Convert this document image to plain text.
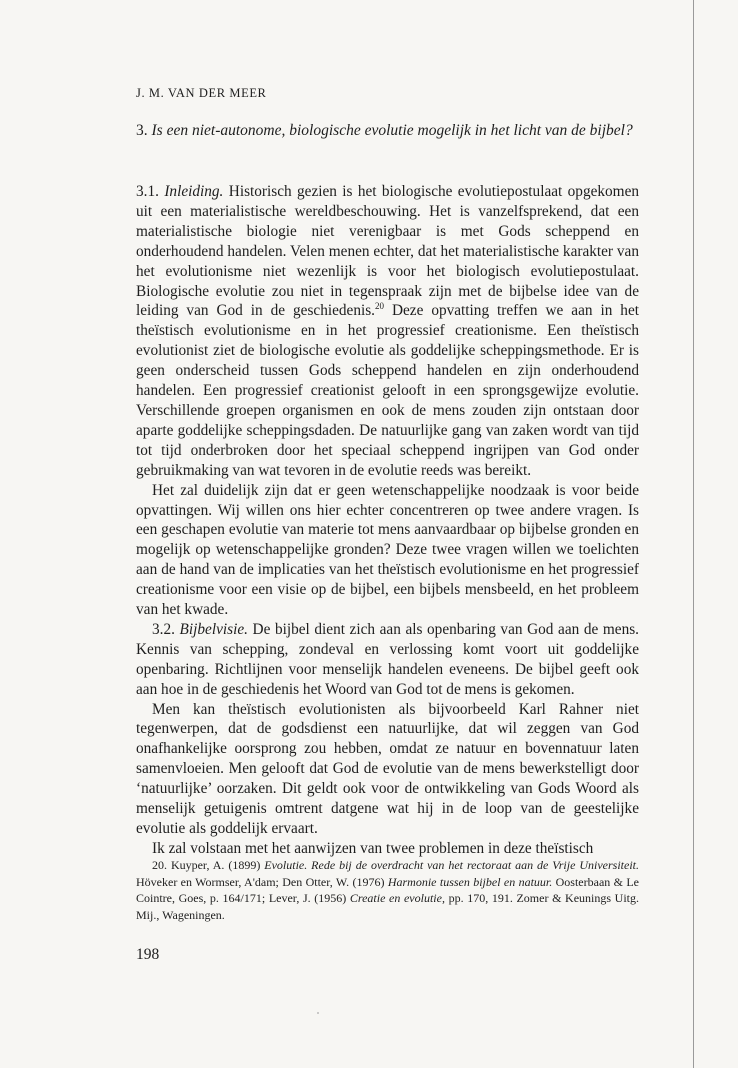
J. M. VAN DER MEER
3. Is een niet-autonome, biologische evolutie mogelijk in het licht van de bijbel?

3.1. Inleiding. Historisch gezien is het biologische evolutiepostulaat opgekomen uit een materialistische wereldbeschouwing. Het is vanzelfsprekend, dat een materialistische biologie niet verenigbaar is met Gods scheppend en onderhoudend handelen. Velen menen echter, dat het materialistische karakter van het evolutionisme niet wezenlijk is voor het biologisch evolutiepostulaat. Biologische evolutie zou niet in tegenspraak zijn met de bijbelse idee van de leiding van God in de geschiedenis.$^{20}$ Deze opvatting treffen we aan in het theïstisch evolutionisme en in het progressief creationisme. Een theïstisch evolutionist ziet de biologische evolutie als goddelijke scheppingsmethode. Er is geen onderscheid tussen Gods scheppend handelen en zijn onderhoudend handelen. Een progressief creationist gelooft in een sprongsgewijze evolutie. Verschillende groepen organismen en ook de mens zouden zijn ontstaan door aparte goddelijke scheppingsdaden. De natuurlijke gang van zaken wordt van tijd tot tijd onderbroken door het speciaal scheppend ingrijpen van God onder gebruikmaking van wat tevoren in de evolutie reeds was bereikt.

Het zal duidelijk zijn dat er geen wetenschappelijke noodzaak is voor beide opvattingen. Wij willen ons hier echter concentreren op twee andere vragen. Is een geschapen evolutie van materie tot mens aanvaardbaar op bijbelse gronden en mogelijk op wetenschappelijke gronden? Deze twee vragen willen we toelichten aan de hand van de implicaties van het theïstisch evolutionisme en het progressief creationisme voor een visie op de bijbel, een bijbels mensbeeld, en het probleem van het kwade.

3.2. Bijbelvisie. De bijbel dient zich aan als openbaring van God aan de mens. Kennis van schepping, zondeval en verlossing komt voort uit goddelijke openbaring. Richtlijnen voor menselijk handelen eveneens. De bijbel geeft ook aan hoe in de geschiedenis het Woord van God tot de mens is gekomen.

Men kan theïstisch evolutionisten als bijvoorbeeld Karl Rahner niet tegenwerpen, dat de godsdienst een natuurlijke, dat wil zeggen van God onafhankelijke oorsprong zou hebben, omdat ze natuur en bovennatuur laten samenvloeien. Men gelooft dat God de evolutie van de mens bewerkstelligt door ‘natuurlijke’ oorzaken. Dit geldt ook voor de ontwikkeling van Gods Woord als menselijk getuigenis omtrent datgene wat hij in de loop van de geestelijke evolutie als goddelijk ervaart.

Ik zal volstaan met het aanwijzen van twee problemen in deze theïstisch

20. Kuyper, A. (1899) Evolutie. Rede bij de overdracht van het rectoraat aan de Vrije Universiteit. Höveker en Wormser, A'dam; Den Otter, W. (1976) Harmonie tussen bijbel en natuur. Oosterbaan & Le Cointre, Goes, p. 164/171; Lever, J. (1956) Creatie en evolutie, pp. 170, 191. Zomer & Keunings Uitg. Mij., Wageningen.

198
